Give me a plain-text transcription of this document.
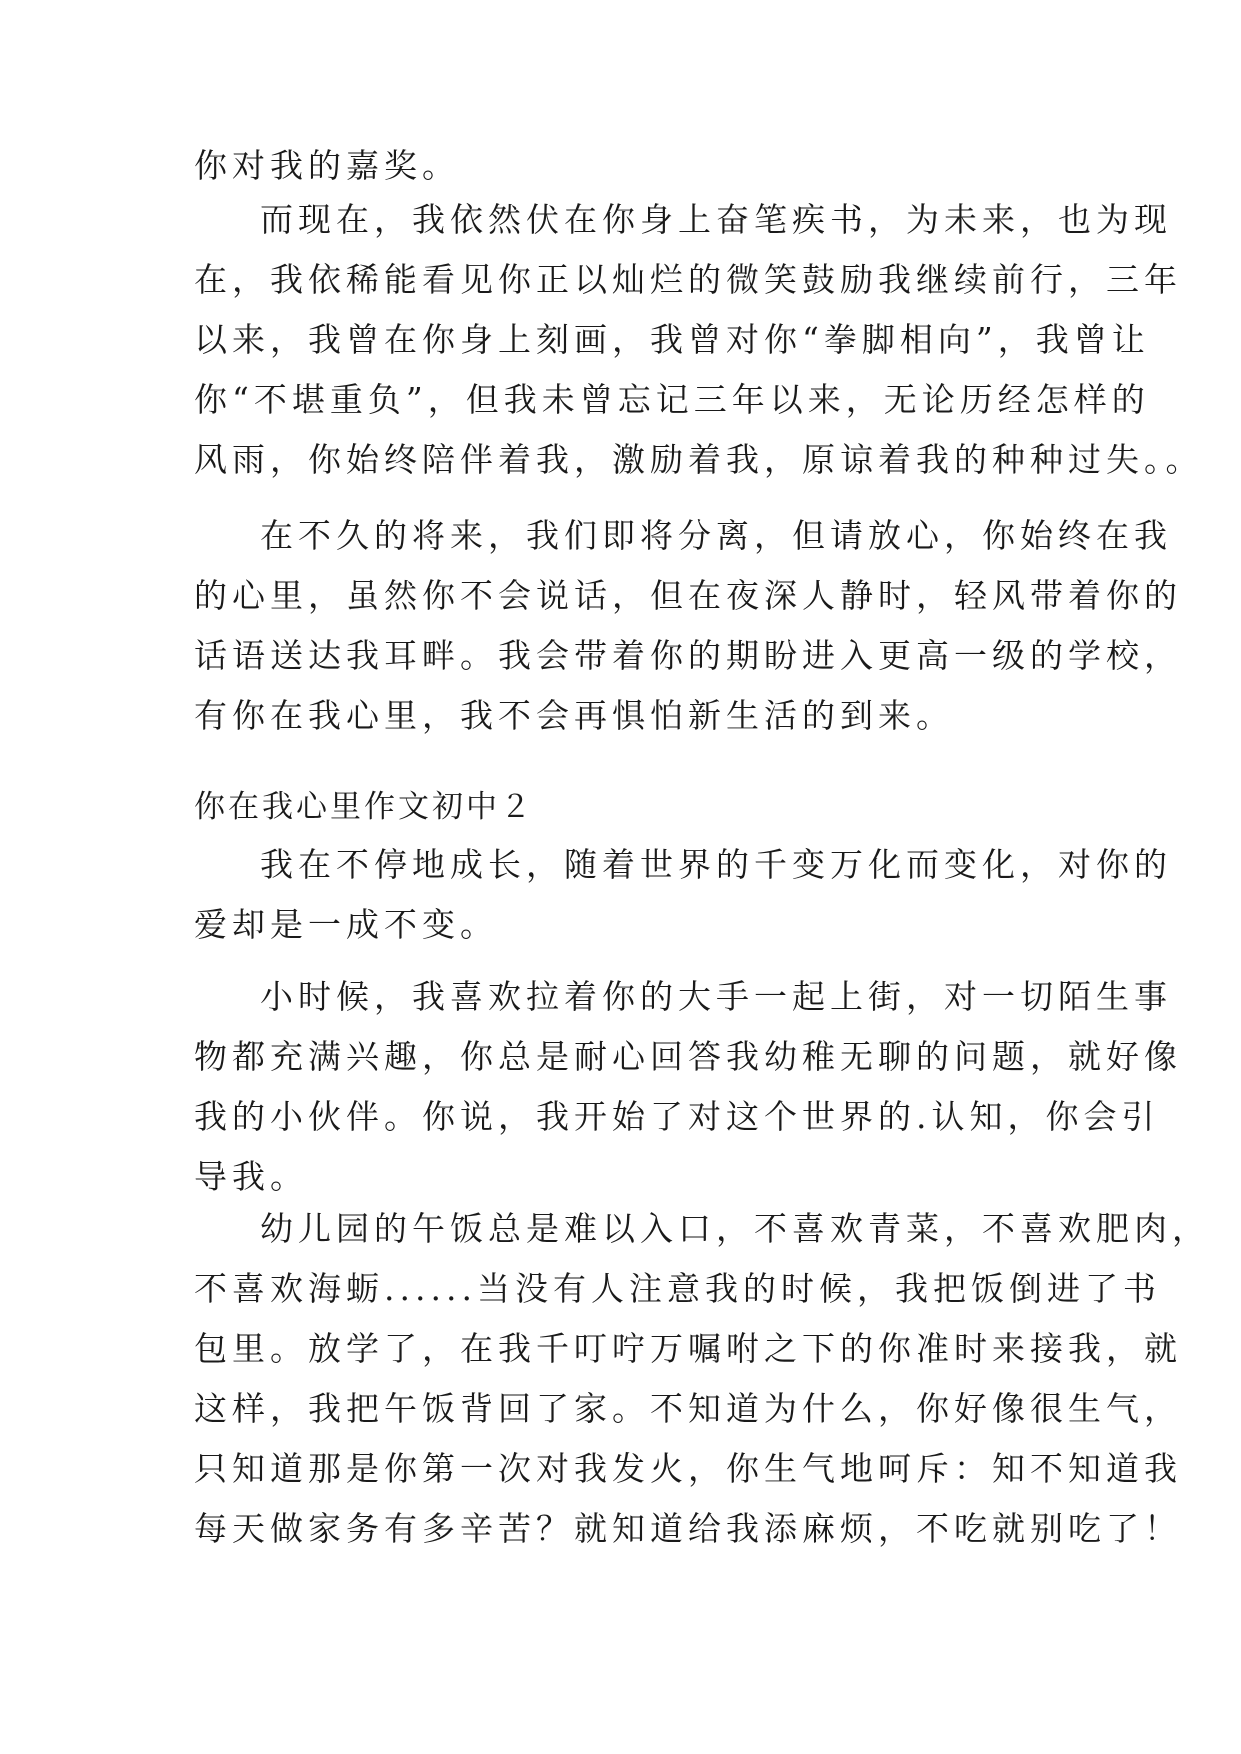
你对我的嘉奖。
而现在，我依然伏在你身上奋笔疾书，为未来，也为现
在，我依稀能看见你正以灿烂的微笑鼓励我继续前行，三年
以来，我曾在你身上刻画，我曾对你“拳脚相向”，我曾让
你“不堪重负”，但我未曾忘记三年以来，无论历经怎样的
风雨，你始终陪伴着我，激励着我，原谅着我的种种过失。。
在不久的将来，我们即将分离，但请放心，你始终在我
的心里，虽然你不会说话，但在夜深人静时，轻风带着你的
话语送达我耳畔。我会带着你的期盼进入更高一级的学校，
有你在我心里，我不会再惧怕新生活的到来。
你在我心里作文初中２
我在不停地成长，随着世界的千变万化而变化，对你的
爱却是一成不变。
小时候，我喜欢拉着你的大手一起上街，对一切陌生事
物都充满兴趣，你总是耐心回答我幼稚无聊的问题，就好像
我的小伙伴。你说，我开始了对这个世界的.认知，你会引
导我。
幼儿园的午饭总是难以入口，不喜欢青菜，不喜欢肥肉，
不喜欢海蛎......当没有人注意我的时候，我把饭倒进了书
包里。放学了，在我千叮咛万嘱咐之下的你准时来接我，就
这样，我把午饭背回了家。不知道为什么，你好像很生气，
只知道那是你第一次对我发火，你生气地呵斥：知不知道我
每天做家务有多辛苦？就知道给我添麻烦，不吃就别吃了！
